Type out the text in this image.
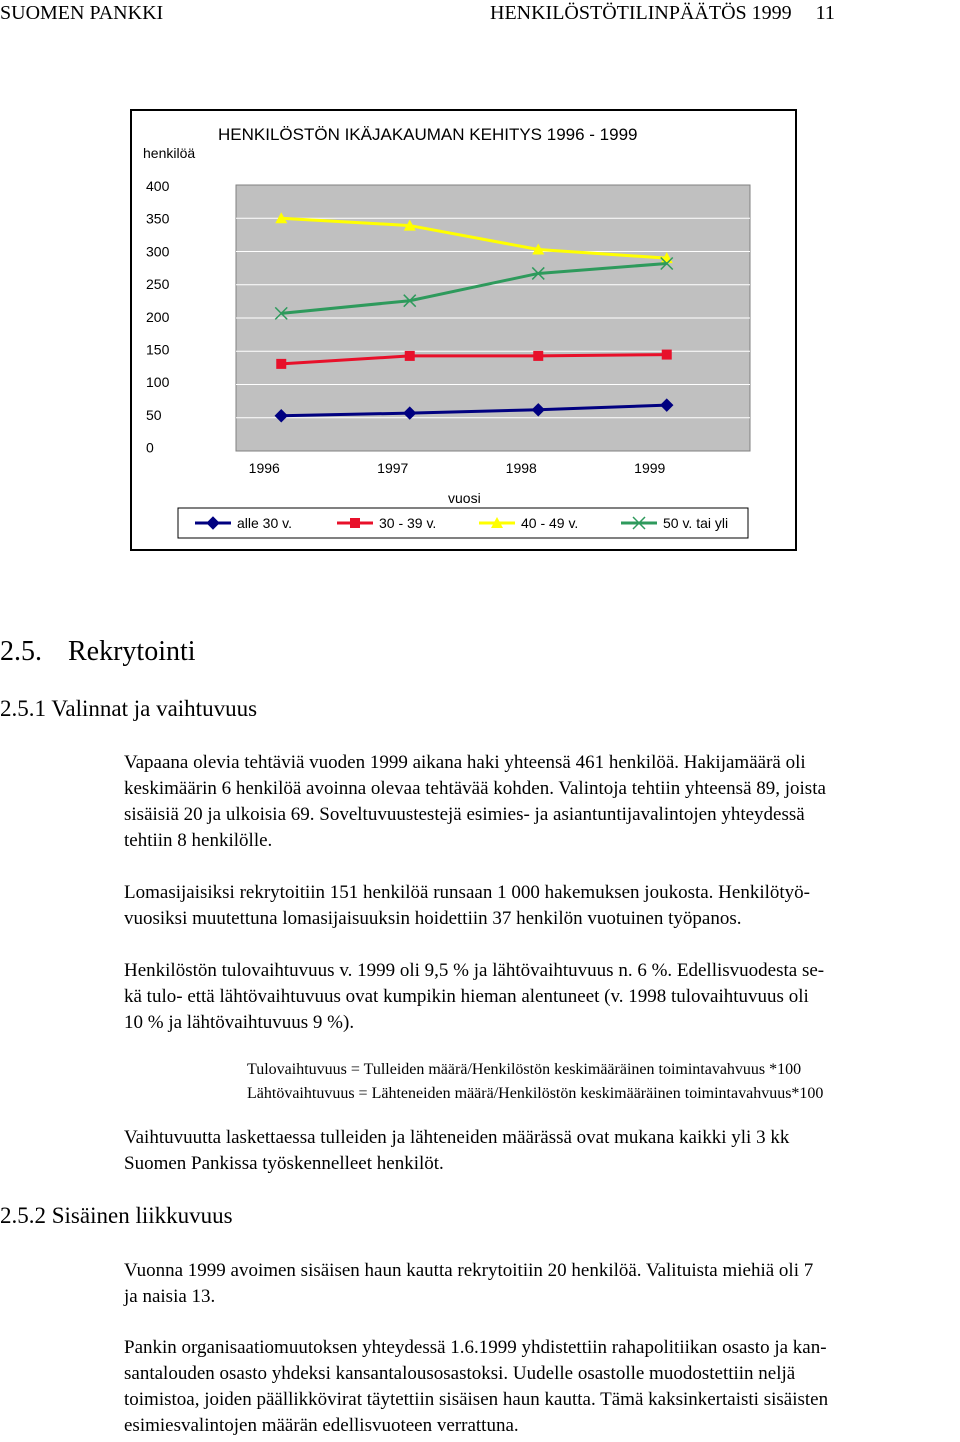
SUOMEN PANKKI	HENKILÖSTÖTILINPÄÄTÖS 1999 11
henkilöä
HENKILÖSTÖN IKÄJAKAUMAN KEHITYS 1996 - 1999
400
350
300
250
200
150
100
50
0
1996	1997	1998	1999
vuosi
alle 30 v.	30 - 39 v.	40 - 49 v.	50 v. tai yli
2.5. Rekrytointi
2.5.1 Valinnat ja vaihtuvuus
Vapaana olevia tehtäviä vuoden 1999 aikana haki yhteensä 461 henkilöä. Hakijamäärä oli
keskimäärin 6 henkilöä avoinna olevaa tehtävää kohden. Valintoja tehtiin yhteensä 89, joista
sisäisiä 20 ja ulkoisia 69. Soveltuvuustestejä esimies- ja asiantuntijavalintojen yhteydessä
tehtiin 8 henkilölle.
Lomasijaisiksi rekrytoitiin 151 henkilöä runsaan 1 000 hakemuksen joukosta. Henkilötyö-
vuosiksi muutettuna lomasijaisuuksin hoidettiin 37 henkilön vuotuinen työpanos.
Henkilöstön tulovaihtuvuus v. 1999 oli 9,5 % ja lähtövaihtuvuus n. 6 %. Edellisvuodesta se-
kä tulo- että lähtövaihtuvuus ovat kumpikin hieman alentuneet (v. 1998 tulovaihtuvuus oli
10 % ja lähtövaihtuvuus 9 %).
Tulovaihtuvuus = Tulleiden määrä/Henkilöstön keskimääräinen toimintavahvuus *100
Lähtövaihtuvuus = Lähteneiden määrä/Henkilöstön keskimääräinen toimintavahvuus*100
Vaihtuvuutta laskettaessa tulleiden ja lähteneiden määrässä ovat mukana kaikki yli 3 kk
Suomen Pankissa työskennelleet henkilöt.
2.5.2 Sisäinen liikkuvuus
Vuonna 1999 avoimen sisäisen haun kautta rekrytoitiin 20 henkilöä. Valituista miehiä oli 7
ja naisia 13.
Pankin organisaatiomuutoksen yhteydessä 1.6.1999 yhdistettiin rahapolitiikan osasto ja kan-
santalouden osasto yhdeksi kansantalousosastoksi. Uudelle osastolle muodostettiin neljä
toimistoa, joiden päällikkövirat täytettiin sisäisen haun kautta. Tämä kaksinkertaisti sisäisten
esimiesvalintojen määrän edellisvuoteen verrattuna.
